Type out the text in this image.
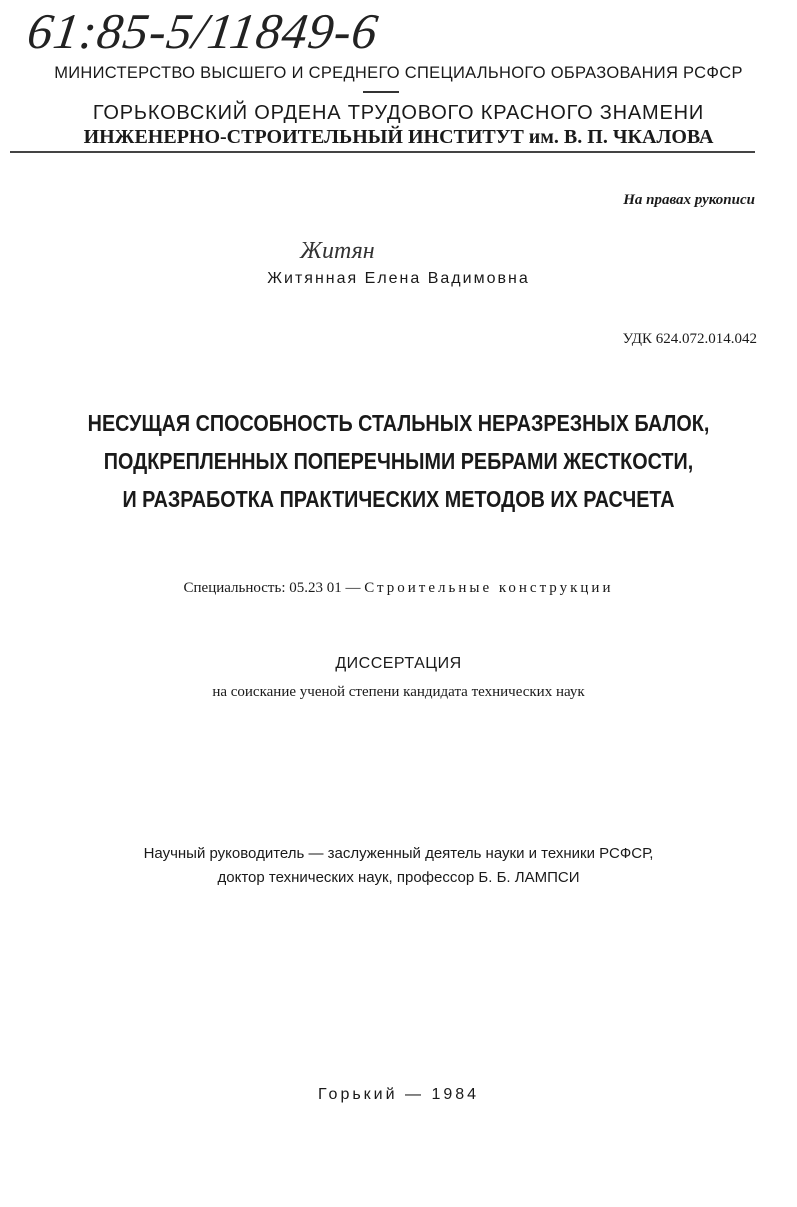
61:85-5/11849-6
МИНИСТЕРСТВО ВЫСШЕГО И СРЕДНЕГО СПЕЦИАЛЬНОГО ОБРАЗОВАНИЯ РСФСР
ГОРЬКОВСКИЙ ОРДЕНА ТРУДОВОГО КРАСНОГО ЗНАМЕНИ
ИНЖЕНЕРНО-СТРОИТЕЛЬНЫЙ ИНСТИТУТ им. В. П. ЧКАЛОВА
На правах рукописи
Житян
Житянная Елена Вадимовна
УДК 624.072.014.042
НЕСУЩАЯ СПОСОБНОСТЬ СТАЛЬНЫХ НЕРАЗРЕЗНЫХ БАЛОК,
ПОДКРЕПЛЕННЫХ ПОПЕРЕЧНЫМИ РЕБРАМИ ЖЕСТКОСТИ,
И РАЗРАБОТКА ПРАКТИЧЕСКИХ МЕТОДОВ ИХ РАСЧЕТА
Специальность: 05.23 01 — Строительные конструкции
ДИССЕРТАЦИЯ
на соискание ученой степени кандидата технических наук
Научный руководитель — заслуженный деятель науки и техники РСФСР,
доктор технических наук, профессор Б. Б. ЛАМПСИ
Горький — 1984
